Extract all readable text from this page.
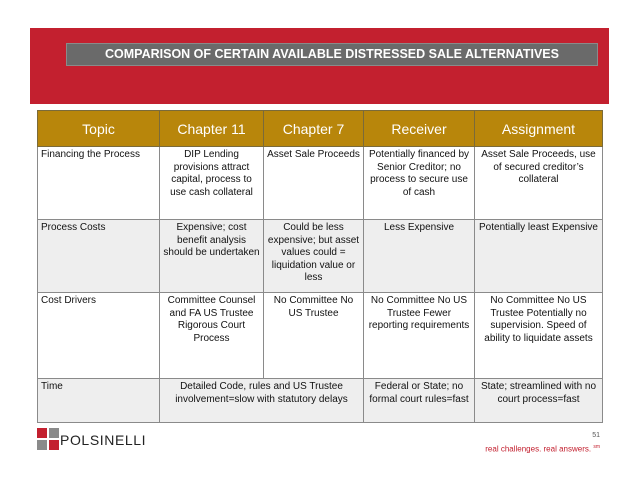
COMPARISON OF CERTAIN AVAILABLE DISTRESSED SALE ALTERNATIVES
Topic	Chapter 11	Chapter 7	Receiver	Assignment
Financing the Process	DIP Lending provisions attract capital, process to use cash collateral	Asset Sale Proceeds	Potentially financed by Senior Creditor; no process to secure use of cash	Asset Sale Proceeds, use of secured creditor’s collateral
Process Costs	Expensive; cost benefit analysis should be undertaken	Could be less expensive; but asset values could = liquidation value or less	Less Expensive	Potentially least Expensive
Cost Drivers	Committee Counsel and FA US Trustee Rigorous Court Process	No Committee No US Trustee	No Committee No US Trustee Fewer reporting requirements	No Committee No US Trustee Potentially no supervision. Speed of ability to liquidate assets
Time	Detailed Code, rules and US Trustee involvement=slow with statutory delays		Federal or State; no formal court rules=fast	State; streamlined with no court process=fast
POLSINELLI	51
real challenges. real answers. $^{sm}$
